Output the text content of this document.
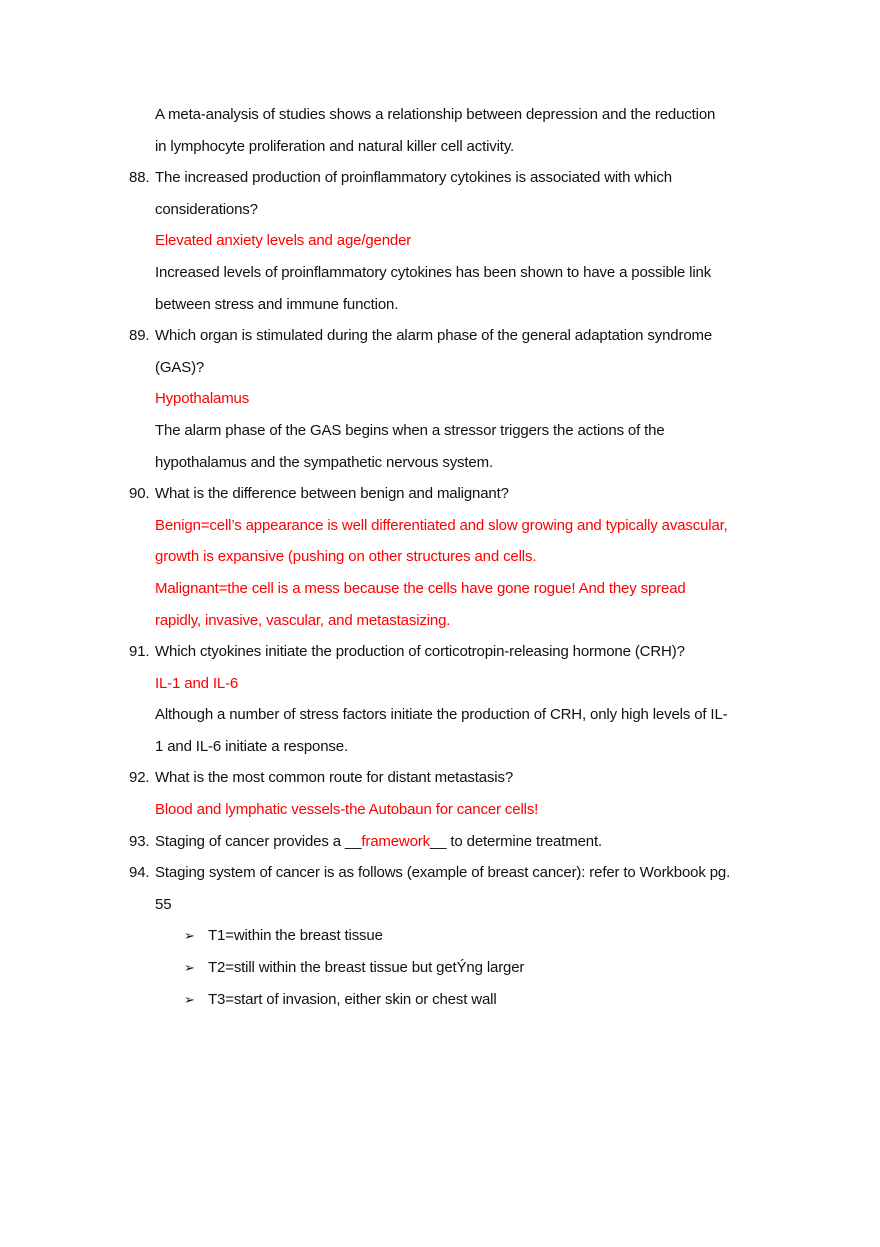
A meta-analysis of studies shows a relationship between depression and the reduction
in lymphocyte proliferation and natural killer cell activity.
88. The increased production of proinflammatory cytokines is associated with which
considerations?
Elevated anxiety levels and age/gender
Increased levels of proinflammatory cytokines has been shown to have a possible link
between stress and immune function.
89. Which organ is stimulated during the alarm phase of the general adaptation syndrome
(GAS)?
Hypothalamus
The alarm phase of the GAS begins when a stressor triggers the actions of the
hypothalamus and the sympathetic nervous system.
90. What is the difference between benign and malignant?
Benign=cell’s appearance is well differentiated and slow growing and typically avascular,
growth is expansive (pushing on other structures and cells.
Malignant=the cell is a mess because the cells have gone rogue! And they spread
rapidly, invasive, vascular, and metastasizing.
91. Which ctyokines initiate the production of corticotropin-releasing hormone (CRH)?
IL-1 and IL-6
Although a number of stress factors initiate the production of CRH, only high levels of IL-
1 and IL-6 initiate a response.
92. What is the most common route for distant metastasis?
Blood and lymphatic vessels-the Autobaun for cancer cells!
93. Staging of cancer provides a __framework__ to determine treatment.
94. Staging system of cancer is as follows (example of breast cancer): refer to Workbook pg.
55
➢ T1=within the breast tissue
➢ T2=still within the breast tissue but getÝng larger
➢ T3=start of invasion, either skin or chest wall
